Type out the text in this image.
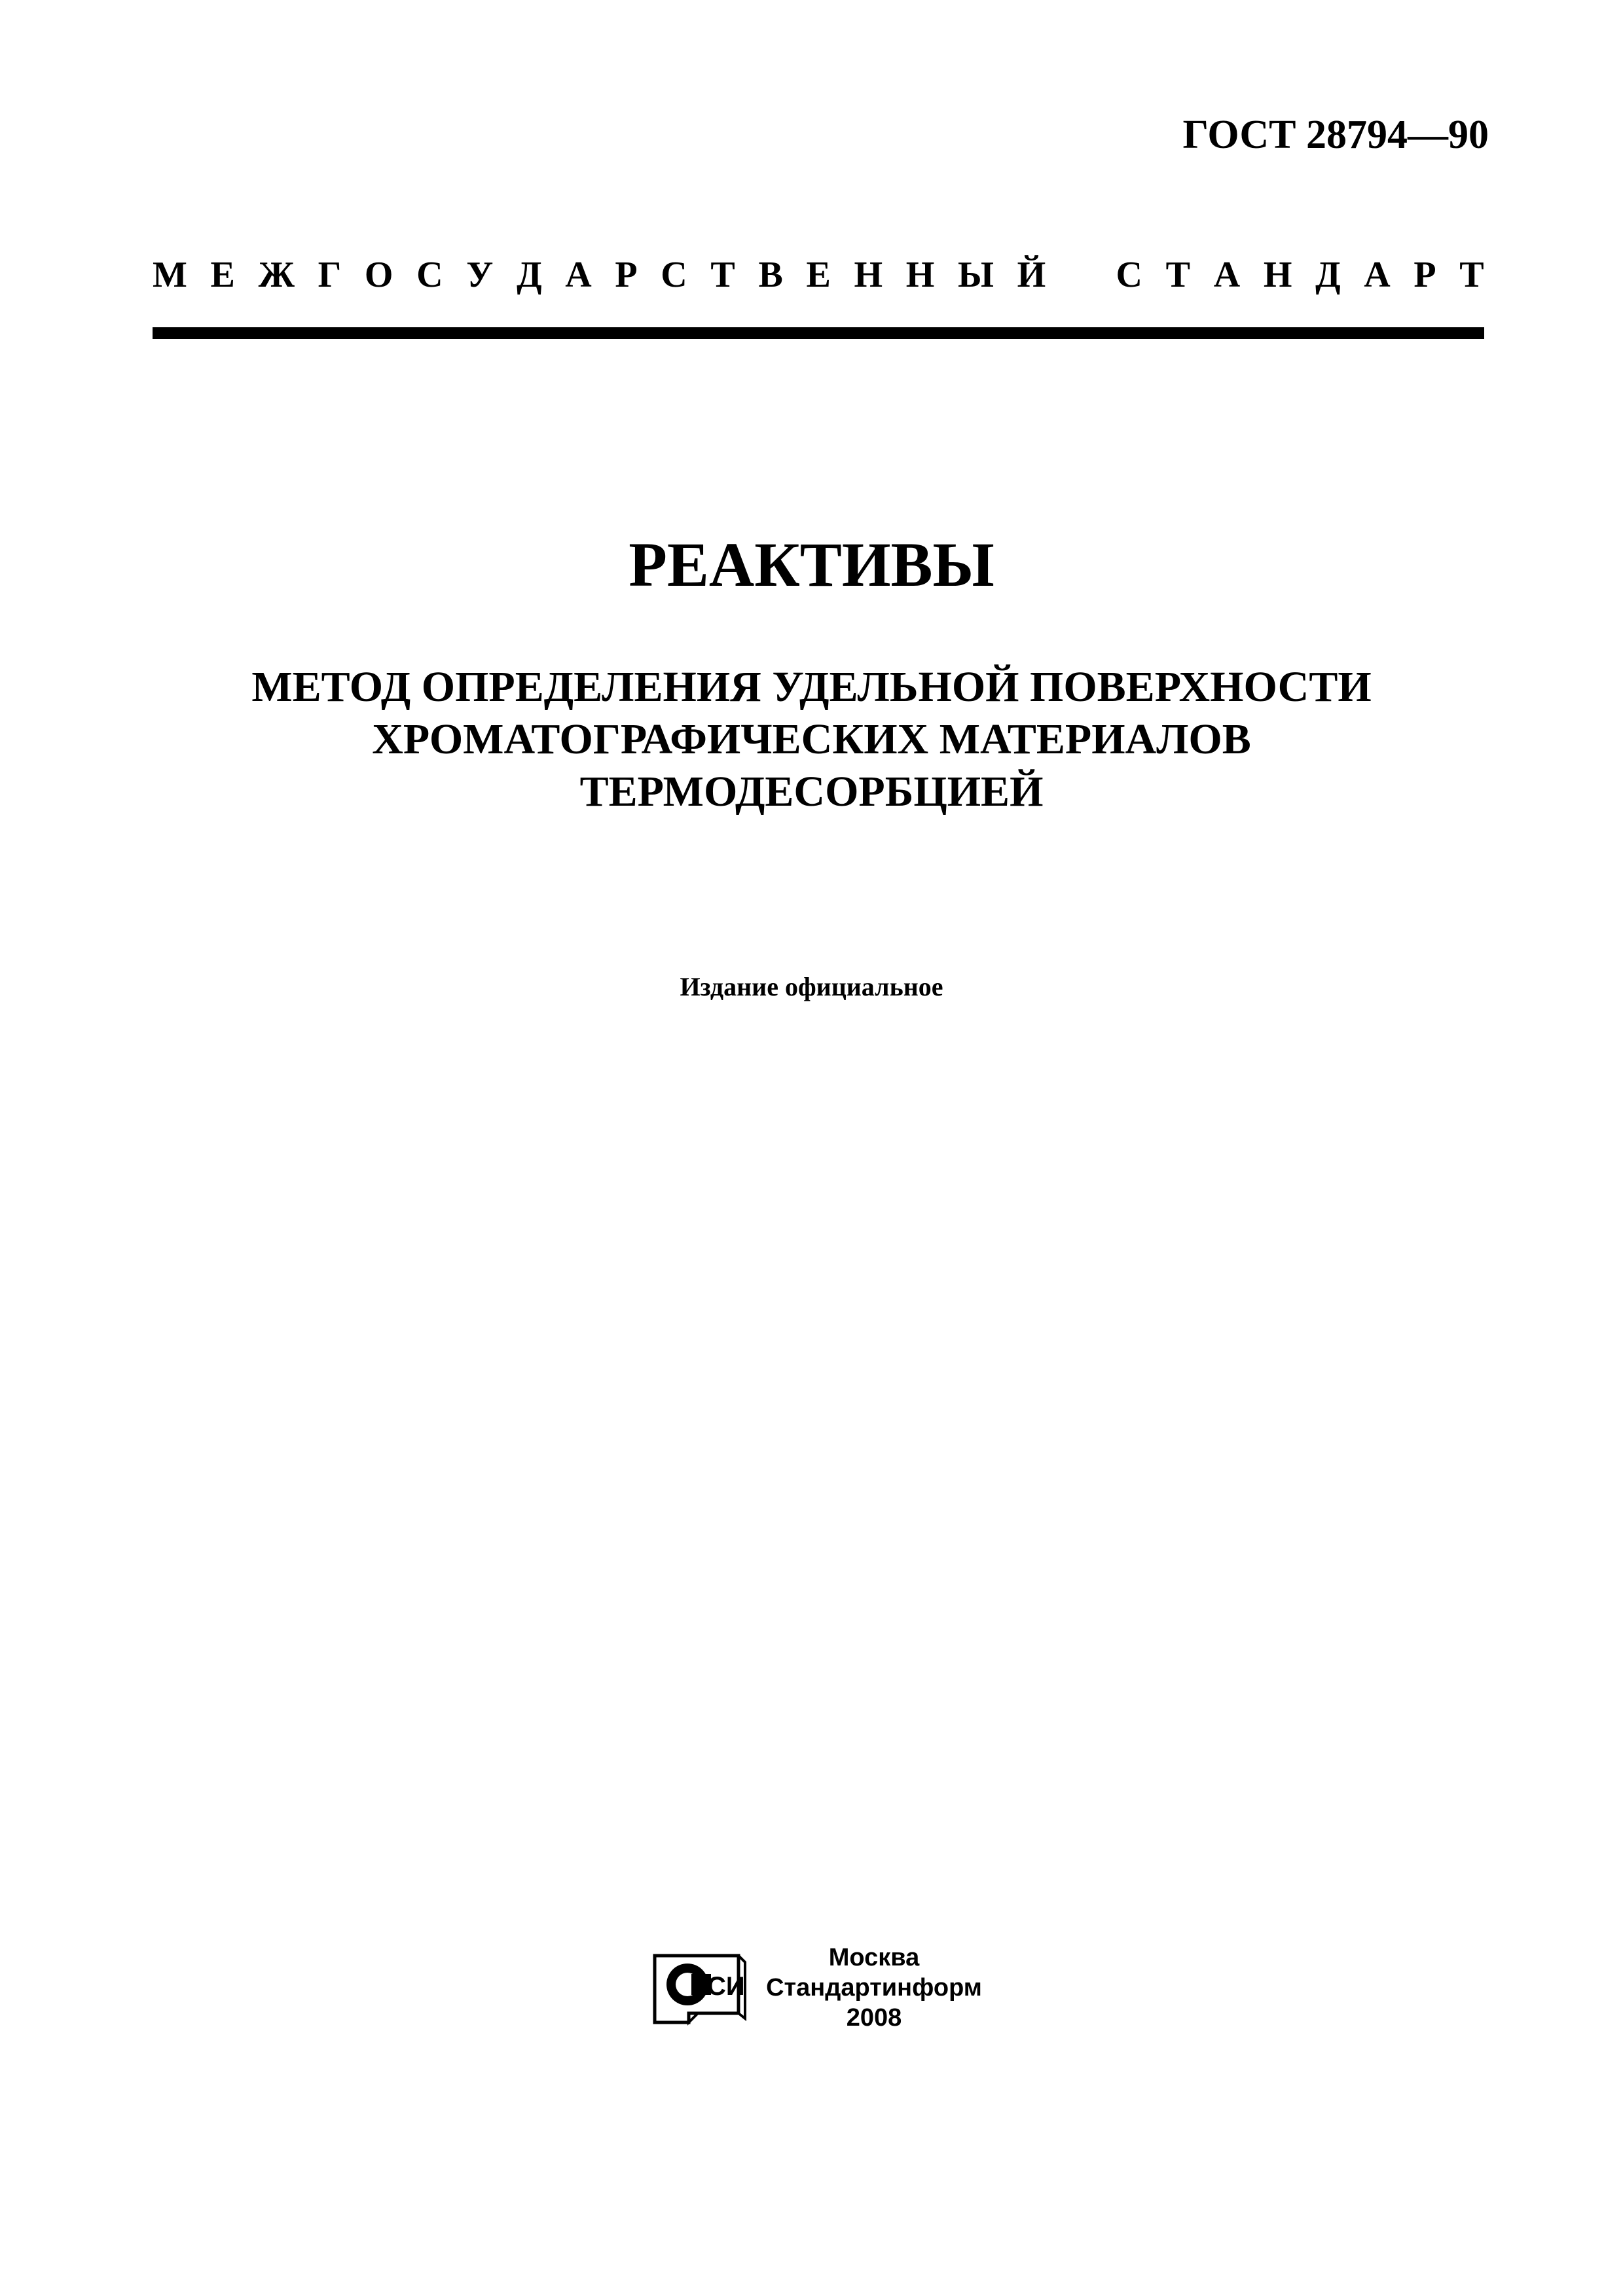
ГОСТ 28794—90
М Е Ж Г О С У Д А Р С Т В Е Н Н Ы Й С Т А Н Д А Р Т
РЕАКТИВЫ
МЕТОД ОПРЕДЕЛЕНИЯ УДЕЛЬНОЙ ПОВЕРХНОСТИ
ХРОМАТОГРАФИЧЕСКИХ МАТЕРИАЛОВ
ТЕРМОДЕСОРБЦИЕЙ
Издание официальное
СИ
Москва
Стандартинформ
2008
